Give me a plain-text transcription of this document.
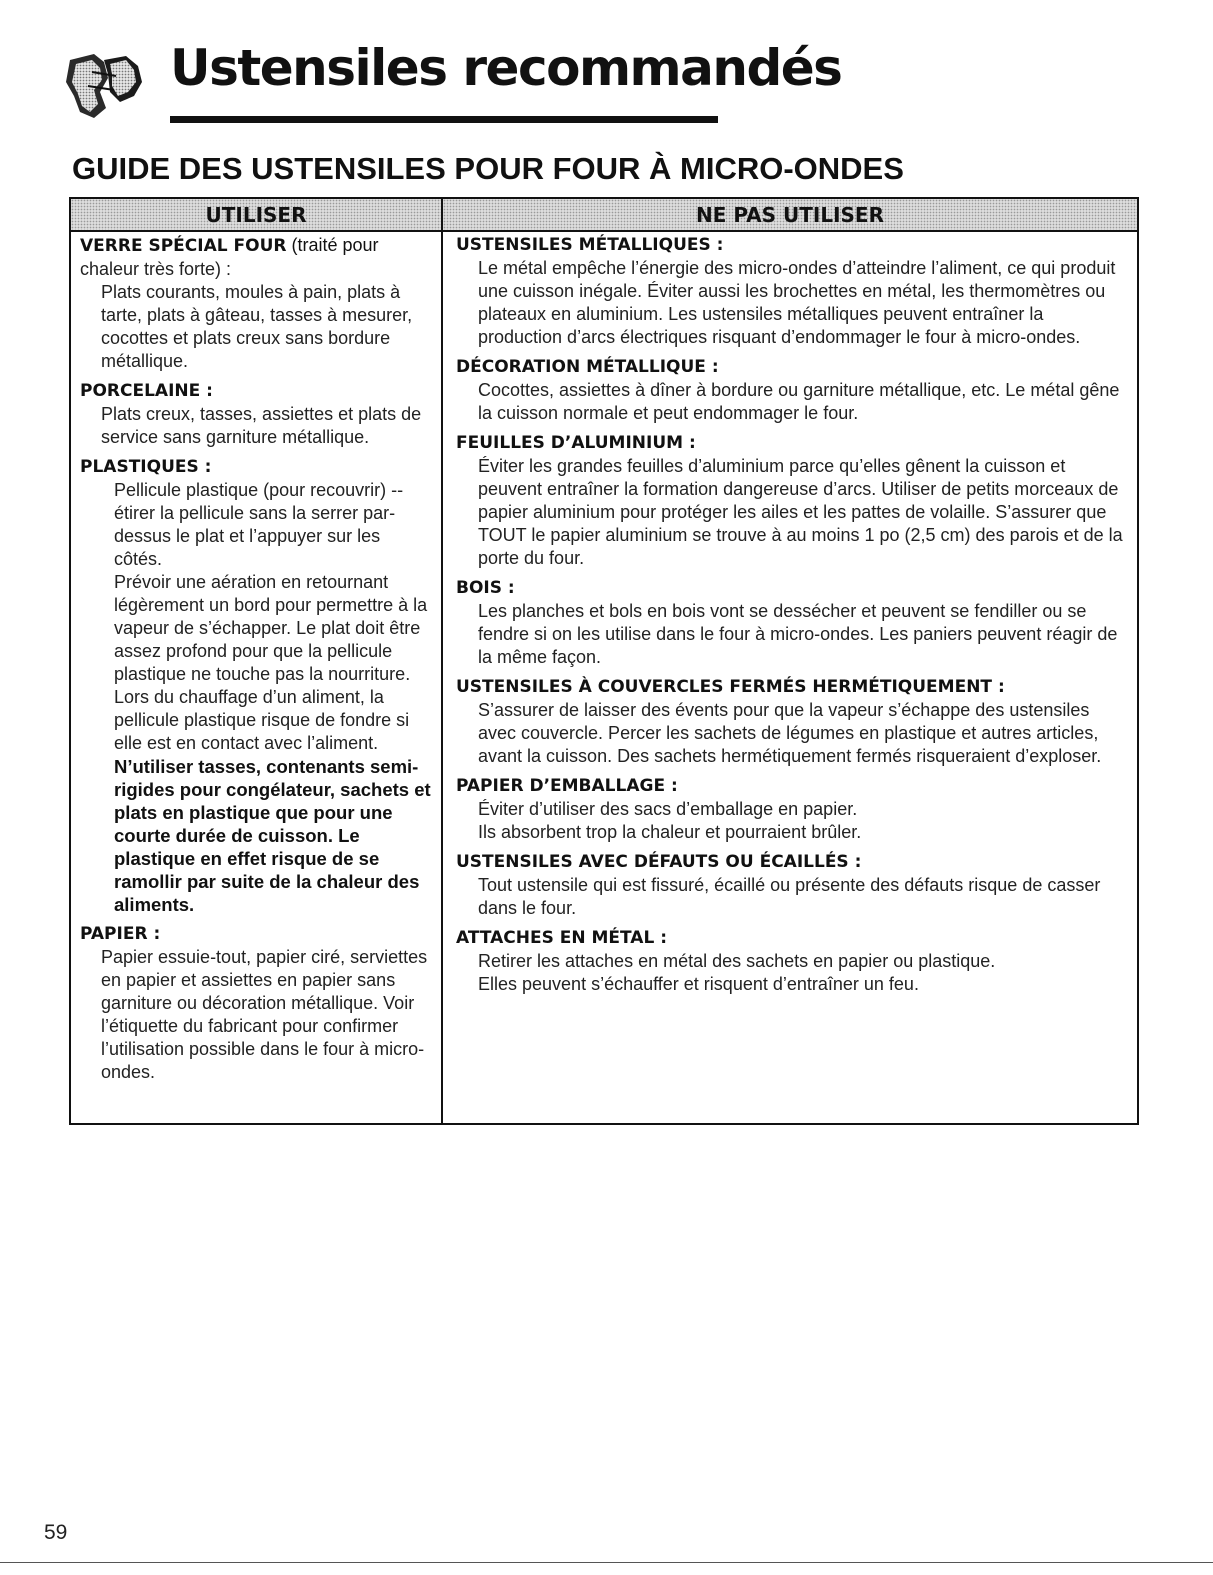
Ustensiles recommandés
GUIDE DES USTENSILES POUR FOUR À MICRO-ONDES
UTILISER
VERRE SPÉCIAL FOUR (traité pour
chaleur très forte) :
Plats courants, moules à pain, plats à tarte, plats à gâteau, tasses à mesurer, cocottes et plats creux sans bordure métallique.
PORCELAINE :
Plats creux, tasses, assiettes et plats de service sans garniture métallique.
PLASTIQUES :
Pellicule plastique (pour recouvrir) -- étirer la pellicule sans la serrer par-dessus le plat et l’appuyer sur les côtés.
Prévoir une aération en retournant légèrement un bord pour permettre à la vapeur de s’échapper. Le plat doit être assez profond pour que la pellicule plastique ne touche pas la nourriture.
Lors du chauffage d’un aliment, la pellicule plastique risque de fondre si elle est en contact avec l’aliment.
N’utiliser tasses, contenants semi-rigides pour congélateur, sachets et plats en plastique que pour une courte durée de cuisson. Le plastique en effet risque de se ramollir par suite de la chaleur des aliments.
PAPIER :
Papier essuie-tout, papier ciré, serviettes en papier et assiettes en papier sans garniture ou décoration métallique. Voir l’étiquette du fabricant pour confirmer l’utilisation possible dans le four à micro-ondes.
NE PAS UTILISER
USTENSILES MÉTALLIQUES :
Le métal empêche l’énergie des micro-ondes d’atteindre l’aliment, ce qui produit une cuisson inégale. Éviter aussi les brochettes en métal, les thermomètres ou plateaux en aluminium. Les ustensiles métalliques peuvent entraîner la production d’arcs électriques risquant d’endommager le four à micro-ondes.
DÉCORATION MÉTALLIQUE :
Cocottes, assiettes à dîner à bordure ou garniture métallique, etc. Le métal gêne la cuisson normale et peut endommager le four.
FEUILLES D’ALUMINIUM :
Éviter les grandes feuilles d’aluminium parce qu’elles gênent la cuisson et peuvent entraîner la formation dangereuse d’arcs. Utiliser de petits morceaux de papier aluminium pour protéger les ailes et les pattes de volaille. S’assurer que TOUT le papier aluminium se trouve à au moins 1 po (2,5 cm) des parois et de la porte du four.
BOIS :
Les planches et bols en bois vont se dessécher et peuvent se fendiller ou se fendre si on les utilise dans le four à micro-ondes. Les paniers peuvent réagir de la même façon.
USTENSILES À COUVERCLES FERMÉS HERMÉTIQUEMENT :
S’assurer de laisser des évents pour que la vapeur s’échappe des ustensiles avec couvercle. Percer les sachets de légumes en plastique et autres articles, avant la cuisson. Des sachets hermétiquement fermés risqueraient d’exploser.
PAPIER D’EMBALLAGE :
Éviter d’utiliser des sacs d’emballage en papier.
Ils absorbent trop la chaleur et pourraient brûler.
USTENSILES AVEC DÉFAUTS OU ÉCAILLÉS :
Tout ustensile qui est fissuré, écaillé ou présente des défauts risque de casser dans le four.
ATTACHES EN MÉTAL :
Retirer les attaches en métal des sachets en papier ou plastique.
Elles peuvent s’échauffer et risquent d’entraîner un feu.
59
